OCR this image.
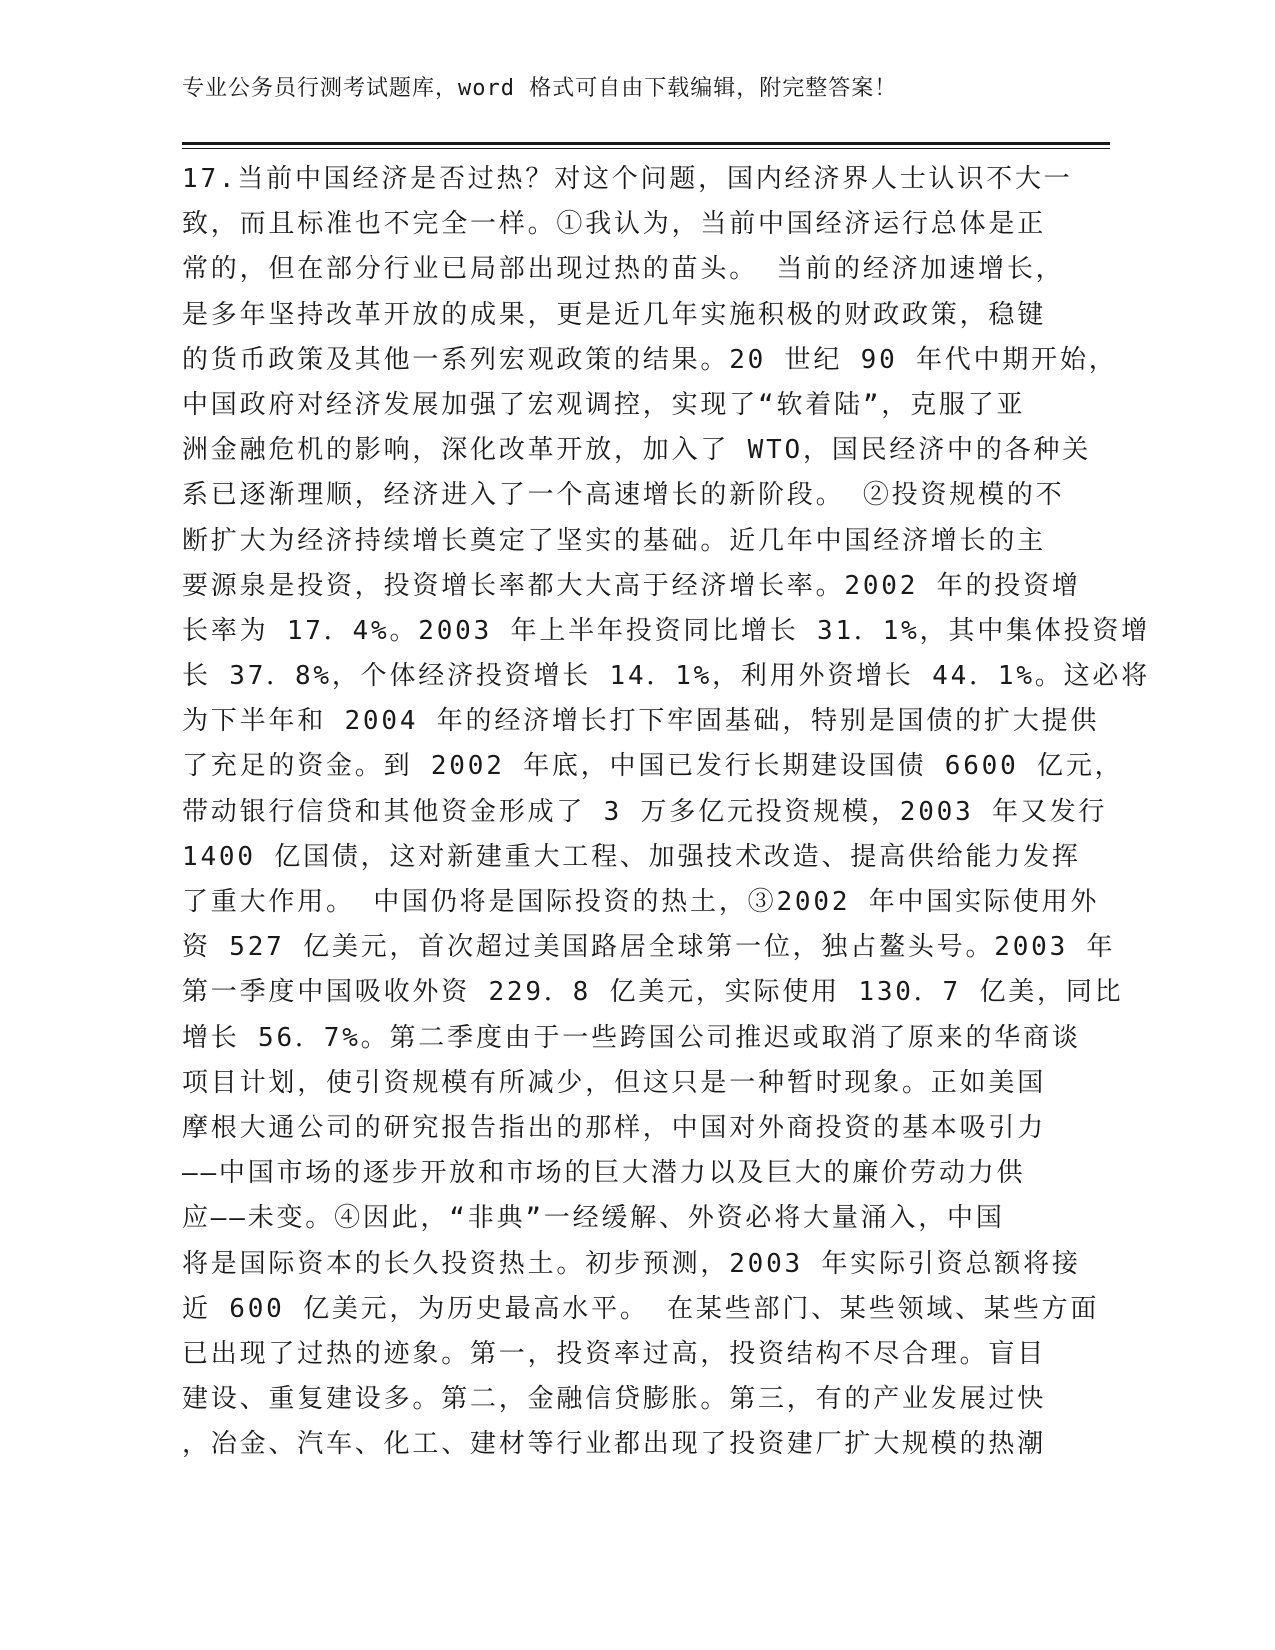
专业公务员行测考试题库，word 格式可自由下载编辑，附完整答案！
17.当前中国经济是否过热？对这个问题，国内经济界人士认识不大一
致，而且标准也不完全一样。①我认为，当前中国经济运行总体是正
常的，但在部分行业已局部出现过热的苗头。 当前的经济加速增长，
是多年坚持改革开放的成果，更是近几年实施积极的财政政策，稳键
的货币政策及其他一系列宏观政策的结果。20 世纪 90 年代中期开始，
中国政府对经济发展加强了宏观调控，实现了“软着陆”，克服了亚
洲金融危机的影响，深化改革开放，加入了 WTO，国民经济中的各种关
系已逐渐理顺，经济进入了一个高速增长的新阶段。 ②投资规模的不
断扩大为经济持续增长奠定了坚实的基础。近几年中国经济增长的主
要源泉是投资，投资增长率都大大高于经济增长率。2002 年的投资增
长率为 17．4%。2003 年上半年投资同比增长 31．1%，其中集体投资增
长 37．8%，个体经济投资增长 14．1%，利用外资增长 44．1%。这必将
为下半年和 2004 年的经济增长打下牢固基础，特别是国债的扩大提供
了充足的资金。到 2002 年底，中国已发行长期建设国债 6600 亿元，
带动银行信贷和其他资金形成了 3 万多亿元投资规模，2003 年又发行
1400 亿国债，这对新建重大工程、加强技术改造、提高供给能力发挥
了重大作用。 中国仍将是国际投资的热土，③2002 年中国实际使用外
资 527 亿美元，首次超过美国路居全球第一位，独占鳌头号。2003 年
第一季度中国吸收外资 229．8 亿美元，实际使用 130．7 亿美，同比
增长 56．7%。第二季度由于一些跨国公司推迟或取消了原来的华商谈
项目计划，使引资规模有所减少，但这只是一种暂时现象。正如美国
摩根大通公司的研究报告指出的那样，中国对外商投资的基本吸引力
——中国市场的逐步开放和市场的巨大潜力以及巨大的廉价劳动力供
应——未变。④因此，“非典”一经缓解、外资必将大量涌入，中国
将是国际资本的长久投资热土。初步预测，2003 年实际引资总额将接
近 600 亿美元，为历史最高水平。 在某些部门、某些领域、某些方面
已出现了过热的迹象。第一，投资率过高，投资结构不尽合理。盲目
建设、重复建设多。第二，金融信贷膨胀。第三，有的产业发展过快
，冶金、汽车、化工、建材等行业都出现了投资建厂扩大规模的热潮
